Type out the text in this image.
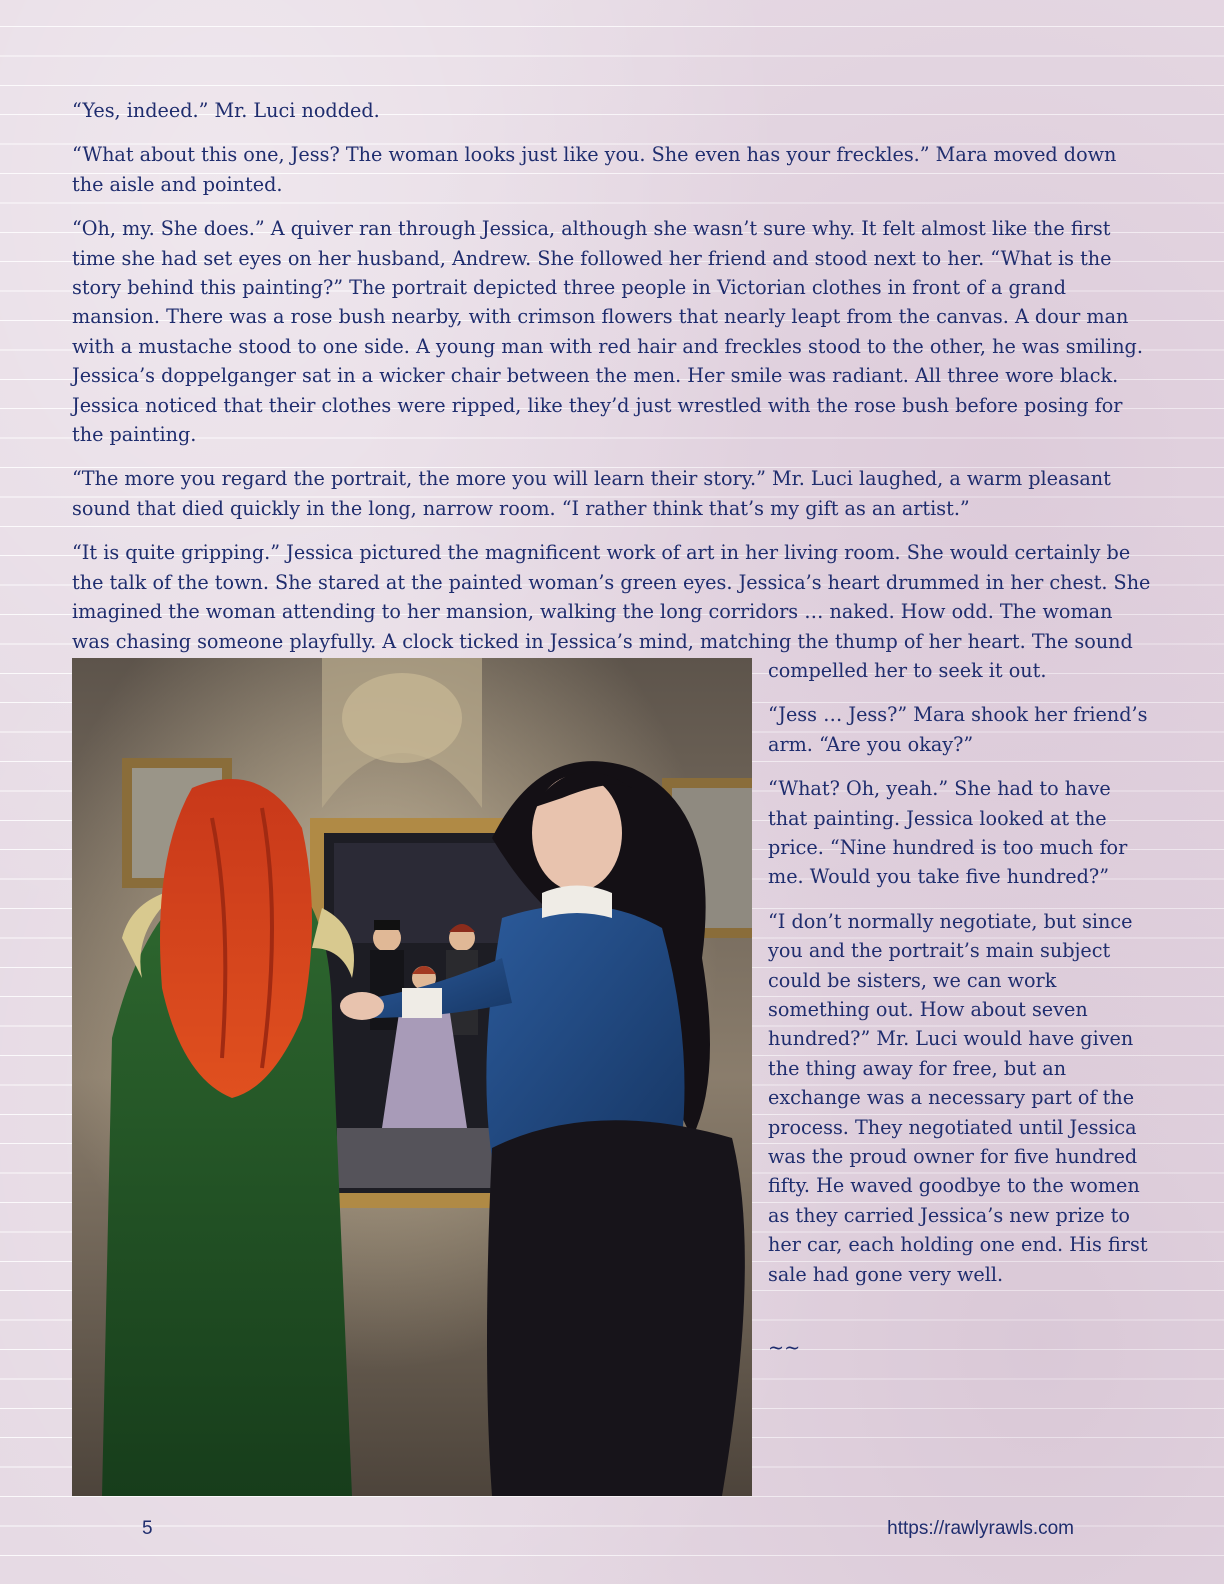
“Yes, indeed.” Mr. Luci nodded.

“What about this one, Jess? The woman looks just like you. She even has your freckles.” Mara moved down the aisle and pointed.

“Oh, my. She does.” A quiver ran through Jessica, although she wasn’t sure why. It felt almost like the first time she had set eyes on her husband, Andrew. She followed her friend and stood next to her. “What is the story behind this painting?” The portrait depicted three people in Victorian clothes in front of a grand mansion. There was a rose bush nearby, with crimson flowers that nearly leapt from the canvas. A dour man with a mustache stood to one side. A young man with red hair and freckles stood to the other, he was smiling. Jessica’s doppelganger sat in a wicker chair between the men. Her smile was radiant. All three wore black. Jessica noticed that their clothes were ripped, like they’d just wrestled with the rose bush before posing for the painting.

“The more you regard the portrait, the more you will learn their story.” Mr. Luci laughed, a warm pleasant sound that died quickly in the long, narrow room. “I rather think that’s my gift as an artist.”

“It is quite gripping.” Jessica pictured the magnificent work of art in her living room. She would certainly be the talk of the town. She stared at the painted woman’s green eyes. Jessica’s heart drummed in her chest. She imagined the woman attending to her mansion, walking the long corridors … naked. How odd. The woman was chasing someone playfully. A clock ticked in Jessica’s mind, matching the thump of her heart. The sound

compelled her to seek it out.

“Jess … Jess?” Mara shook her friend’s arm. “Are you okay?”

“What? Oh, yeah.” She had to have that painting. Jessica looked at the price. “Nine hundred is too much for me. Would you take five hundred?”

“I don’t normally negotiate, but since you and the portrait’s main subject could be sisters, we can work something out. How about seven hundred?” Mr. Luci would have given the thing away for free, but an exchange was a necessary part of the process. They negotiated until Jessica was the proud owner for five hundred fifty. He waved goodbye to the women as they carried Jessica’s new prize to her car, each holding one end. His first sale had gone very well.

~~

5	https://rawlyrawls.com
